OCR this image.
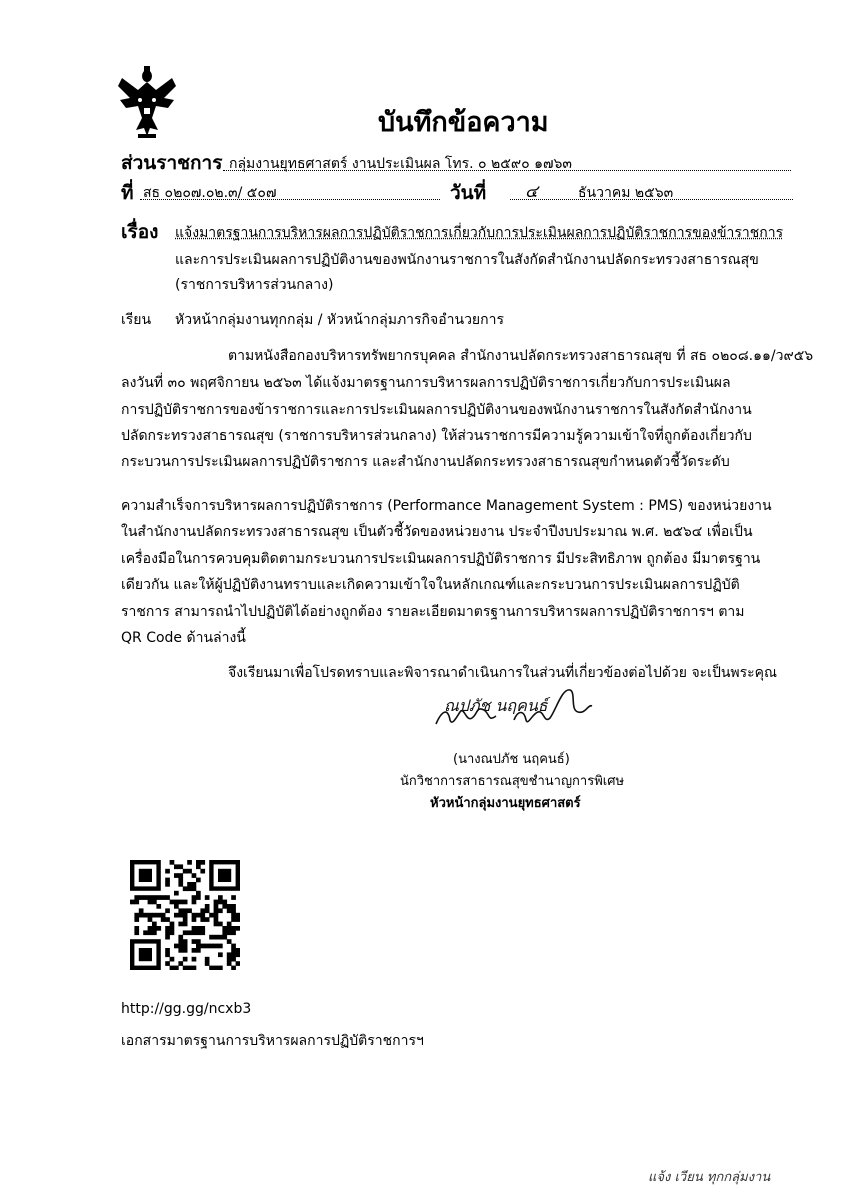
บันทึกข้อความ
ส่วนราชการ กลุ่มงานยุทธศาสตร์ งานประเมินผล โทร. ๐ ๒๕๙๐ ๑๗๖๓
ที่ สธ ๐๒๐๗.๐๒.๓/ ๕๐๗	วันที่ ๔	ธันวาคม ๒๕๖๓
เรื่อง แจ้งมาตรฐานการบริหารผลการปฏิบัติราชการเกี่ยวกับการประเมินผลการปฏิบัติราชการของข้าราชการ
และการประเมินผลการปฏิบัติงานของพนักงานราชการในสังกัดสำนักงานปลัดกระทรวงสาธารณสุข
(ราชการบริหารส่วนกลาง)
เรียน หัวหน้ากลุ่มงานทุกกลุ่ม / หัวหน้ากลุ่มภารกิจอำนวยการ
ตามหนังสือกองบริหารทรัพยากรบุคคล สำนักงานปลัดกระทรวงสาธารณสุข ที่ สธ ๐๒๐๘.๑๑/ว๙๕๖
ลงวันที่ ๓๐ พฤศจิกายน ๒๕๖๓ ได้แจ้งมาตรฐานการบริหารผลการปฏิบัติราชการเกี่ยวกับการประเมินผล
การปฏิบัติราชการของข้าราชการและการประเมินผลการปฏิบัติงานของพนักงานราชการในสังกัดสำนักงาน
ปลัดกระทรวงสาธารณสุข (ราชการบริหารส่วนกลาง) ให้ส่วนราชการมีความรู้ความเข้าใจที่ถูกต้องเกี่ยวกับ
กระบวนการประเมินผลการปฏิบัติราชการ และสำนักงานปลัดกระทรวงสาธารณสุขกำหนดตัวชี้วัดระดับ
ความสำเร็จการบริหารผลการปฏิบัติราชการ (Performance Management System : PMS) ของหน่วยงาน
ในสำนักงานปลัดกระทรวงสาธารณสุข เป็นตัวชี้วัดของหน่วยงาน ประจำปีงบประมาณ พ.ศ. ๒๕๖๔ เพื่อเป็น
เครื่องมือในการควบคุมติดตามกระบวนการประเมินผลการปฏิบัติราชการ มีประสิทธิภาพ ถูกต้อง มีมาตรฐาน
เดียวกัน และให้ผู้ปฏิบัติงานทราบและเกิดความเข้าใจในหลักเกณฑ์และกระบวนการประเมินผลการปฏิบัติ
ราชการ สามารถนำไปปฏิบัติได้อย่างถูกต้อง รายละเอียดมาตรฐานการบริหารผลการปฏิบัติราชการฯ ตาม
QR Code ด้านล่างนี้
จึงเรียนมาเพื่อโปรดทราบและพิจารณาดำเนินการในส่วนที่เกี่ยวข้องต่อไปด้วย จะเป็นพระคุณ
ณปภัช นฤคนธ์
(นางณปภัช นฤคนธ์)
นักวิชาการสาธารณสุขชำนาญการพิเศษ
หัวหน้ากลุ่มงานยุทธศาสตร์
http://gg.gg/ncxb3
เอกสารมาตรฐานการบริหารผลการปฏิบัติราชการฯ
แจ้ง เวียน ทุกกลุ่มงาน
